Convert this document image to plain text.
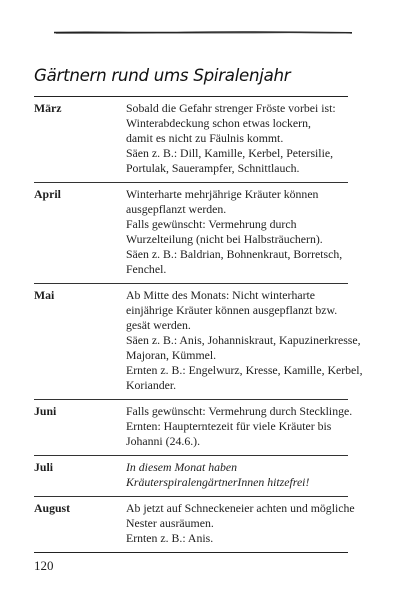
Gärtnern rund ums Spiralenjahr
März	Sobald die Gefahr strenger Fröste vorbei ist:
Winterabdeckung schon etwas lockern,
damit es nicht zu Fäulnis kommt.
Säen z. B.: Dill, Kamille, Kerbel, Petersilie,
Portulak, Sauerampfer, Schnittlauch.
April	Winterharte mehrjährige Kräuter können
ausgepflanzt werden.
Falls gewünscht: Vermehrung durch
Wurzelteilung (nicht bei Halbsträuchern).
Säen z. B.: Baldrian, Bohnenkraut, Borretsch,
Fenchel.
Mai	Ab Mitte des Monats: Nicht winterharte
einjährige Kräuter können ausgepflanzt bzw.
gesät werden.
Säen z. B.: Anis, Johanniskraut, Kapuzinerkresse,
Majoran, Kümmel.
Ernten z. B.: Engelwurz, Kresse, Kamille, Kerbel,
Koriander.
Juni	Falls gewünscht: Vermehrung durch Stecklinge.
Ernten: Haupterntezeit für viele Kräuter bis
Johanni (24.6.).
Juli	In diesem Monat haben
KräuterspiralengärtnerInnen hitzefrei!
August	Ab jetzt auf Schneckeneier achten und mögliche
Nester ausräumen.
Ernten z. B.: Anis.
120
